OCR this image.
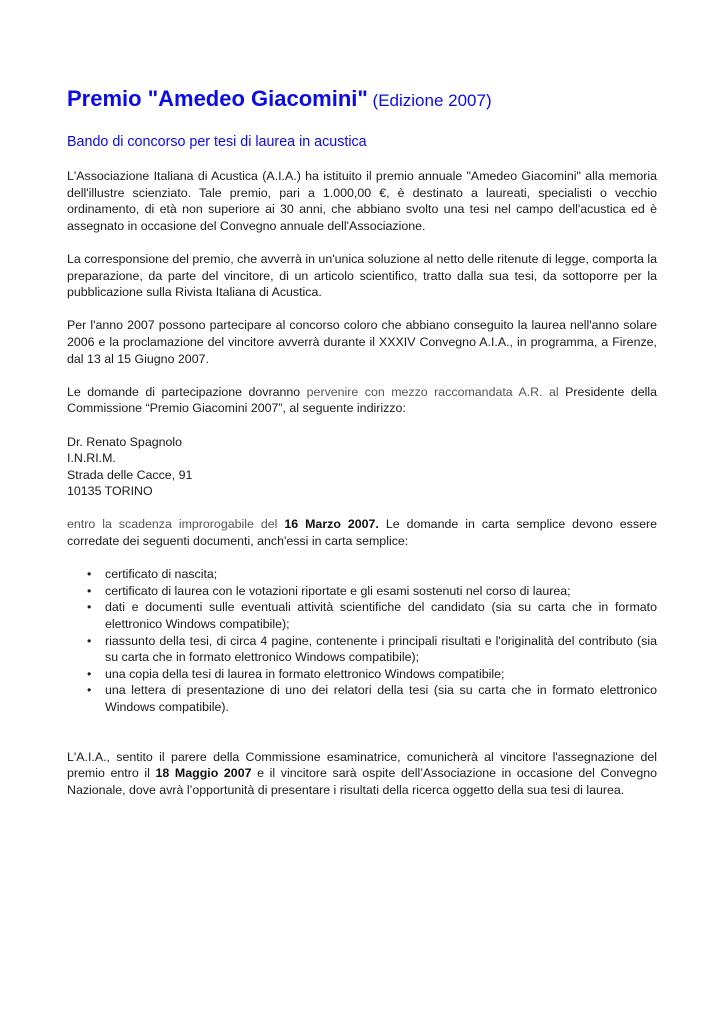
Premio "Amedeo Giacomini" (Edizione 2007)
Bando di concorso per tesi di laurea in acustica

L'Associazione Italiana di Acustica (A.I.A.) ha istituito il premio annuale "Amedeo Giacomini" alla memoria dell'illustre scienziato. Tale premio, pari a 1.000,00 €, è destinato a laureati, specialisti o vecchio ordinamento, di età non superiore ai 30 anni, che abbiano svolto una tesi nel campo dell'acustica ed è assegnato in occasione del Convegno annuale dell'Associazione.

La corresponsione del premio, che avverrà in un'unica soluzione al netto delle ritenute di legge, comporta la preparazione, da parte del vincitore, di un articolo scientifico, tratto dalla sua tesi, da sottoporre per la pubblicazione sulla Rivista Italiana di Acustica.

Per l'anno 2007 possono partecipare al concorso coloro che abbiano conseguito la laurea nell'anno solare 2006 e la proclamazione del vincitore avverrà durante il XXXIV Convegno A.I.A., in programma, a Firenze, dal 13 al 15 Giugno 2007.

Le domande di partecipazione dovranno pervenire con mezzo raccomandata A.R. al Presidente della Commissione “Premio Giacomini 2007”, al seguente indirizzo:

Dr. Renato Spagnolo
I.N.RI.M.
Strada delle Cacce, 91
10135 TORINO

entro la scadenza improrogabile del 16 Marzo 2007. Le domande in carta semplice devono essere corredate dei seguenti documenti, anch'essi in carta semplice:

• certificato di nascita;
• certificato di laurea con le votazioni riportate e gli esami sostenuti nel corso di laurea;
• dati e documenti sulle eventuali attività scientifiche del candidato (sia su carta che in formato elettronico Windows compatibile);
• riassunto della tesi, di circa 4 pagine, contenente i principali risultati e l'originalità del contributo (sia su carta che in formato elettronico Windows compatibile);
• una copia della tesi di laurea in formato elettronico Windows compatibile;
• una lettera di presentazione di uno dei relatori della tesi (sia su carta che in formato elettronico Windows compatibile).

L'A.I.A., sentito il parere della Commissione esaminatrice, comunicherà al vincitore l'assegnazione del premio entro il 18 Maggio 2007 e il vincitore sarà ospite dell’Associazione in occasione del Convegno Nazionale, dove avrà l’opportunità di presentare i risultati della ricerca oggetto della sua tesi di laurea.
